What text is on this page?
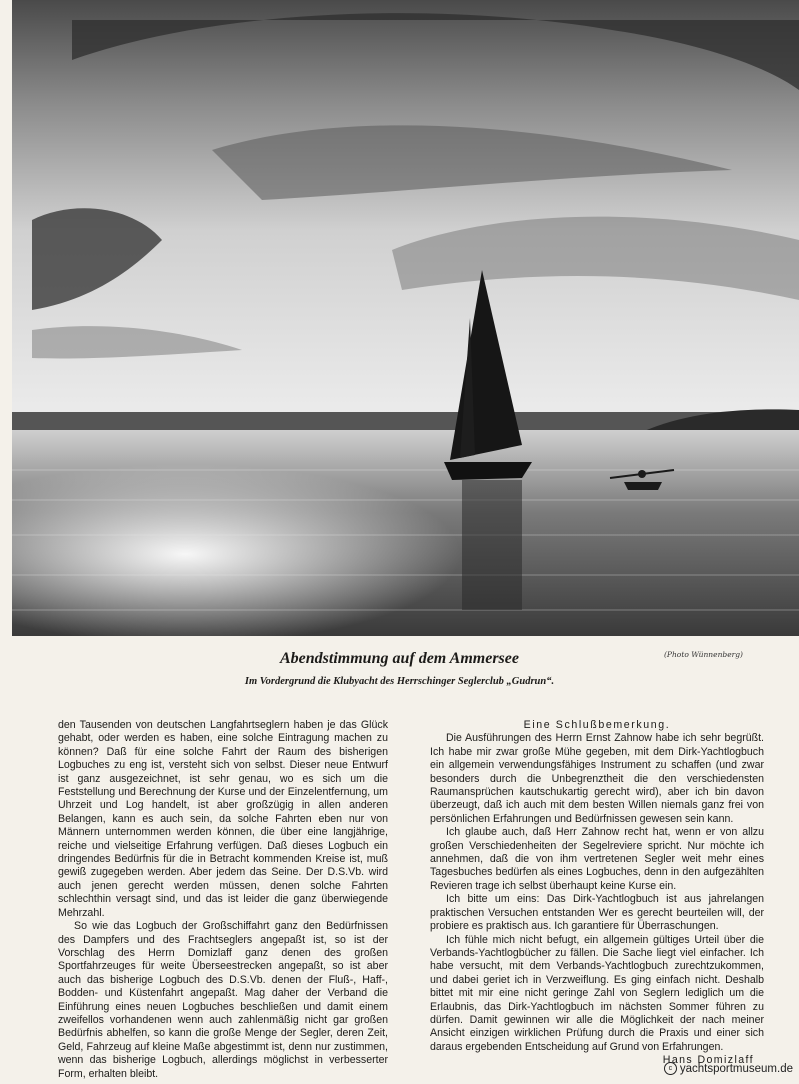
(Photo Wünnenberg)
Abendstimmung auf dem Ammersee
Im Vordergrund die Klubyacht des Herrschinger Seglerclub „Gudrun“.

den Tausenden von deutschen Langfahrtseglern haben je das Glück gehabt, oder werden es haben, eine solche Eintragung machen zu können? Daß für eine solche Fahrt der Raum des bisherigen Logbuches zu eng ist, versteht sich von selbst. Dieser neue Entwurf ist ganz ausgezeichnet, ist sehr genau, wo es sich um die Feststellung und Berechnung der Kurse und der Einzelentfernung, um Uhrzeit und Log handelt, ist aber großzügig in allen anderen Belangen, kann es auch sein, da solche Fahrten eben nur von Männern unternommen werden können, die über eine langjährige, reiche und vielseitige Erfahrung verfügen. Daß dieses Logbuch ein dringendes Bedürfnis für die in Betracht kommenden Kreise ist, muß gewiß zugegeben werden. Aber jedem das Seine. Der D.S.Vb. wird auch jenen gerecht werden müssen, denen solche Fahrten schlechthin versagt sind, und das ist leider die ganz überwiegende Mehrzahl.

So wie das Logbuch der Großschiffahrt ganz den Bedürfnissen des Dampfers und des Frachtseglers angepaßt ist, so ist der Vorschlag des Herrn Domizlaff ganz denen des großen Sportfahrzeuges für weite Überseestrecken angepaßt, so ist aber auch das bisherige Logbuch des D.S.Vb. denen der Fluß-, Haff-, Bodden- und Küstenfahrt angepaßt. Mag daher der Verband die Einführung eines neuen Logbuches beschließen und damit einem zweifellos vorhandenen wenn auch zahlenmäßig nicht gar großen Bedürfnis abhelfen, so kann die große Menge der Segler, deren Zeit, Geld, Fahrzeug auf kleine Maße abgestimmt ist, denn nur zustimmen, wenn das bisherige Logbuch, allerdings möglichst in verbesserter Form, erhalten bleibt.

Eine Schlußbemerkung.

Die Ausführungen des Herrn Ernst Zahnow habe ich sehr begrüßt. Ich habe mir zwar große Mühe gegeben, mit dem Dirk-Yachtlogbuch ein allgemein verwendungsfähiges Instrument zu schaffen (und zwar besonders durch die Unbegrenztheit die den verschiedensten Raumansprüchen kautschukartig gerecht wird), aber ich bin davon überzeugt, daß ich auch mit dem besten Willen niemals ganz frei von persönlichen Erfahrungen und Bedürfnissen gewesen sein kann.

Ich glaube auch, daß Herr Zahnow recht hat, wenn er von allzu großen Verschiedenheiten der Segelreviere spricht. Nur möchte ich annehmen, daß die von ihm vertretenen Segler weit mehr eines Tagesbuches bedürfen als eines Logbuches, denn in den aufgezählten Revieren trage ich selbst überhaupt keine Kurse ein.

Ich bitte um eins: Das Dirk-Yachtlogbuch ist aus jahrelangen praktischen Versuchen entstanden Wer es gerecht beurteilen will, der probiere es praktisch aus. Ich garantiere für Überraschungen.

Ich fühle mich nicht befugt, ein allgemein gültiges Urteil über die Verbands-Yachtlogbücher zu fällen. Die Sache liegt viel einfacher. Ich habe versucht, mit dem Verbands-Yachtlogbuch zurechtzukommen, und dabei geriet ich in Verzweiflung. Es ging einfach nicht. Deshalb bittet mit mir eine nicht geringe Zahl von Seglern lediglich um die Erlaubnis, das Dirk-Yachtlogbuch im nächsten Sommer führen zu dürfen. Damit gewinnen wir alle die Möglichkeit der nach meiner Ansicht einzigen wirklichen Prüfung durch die Praxis und einer sich daraus ergebenden Entscheidung auf Grund von Erfahrungen.

Hans Domizlaff
c yachtsportmuseum.de
